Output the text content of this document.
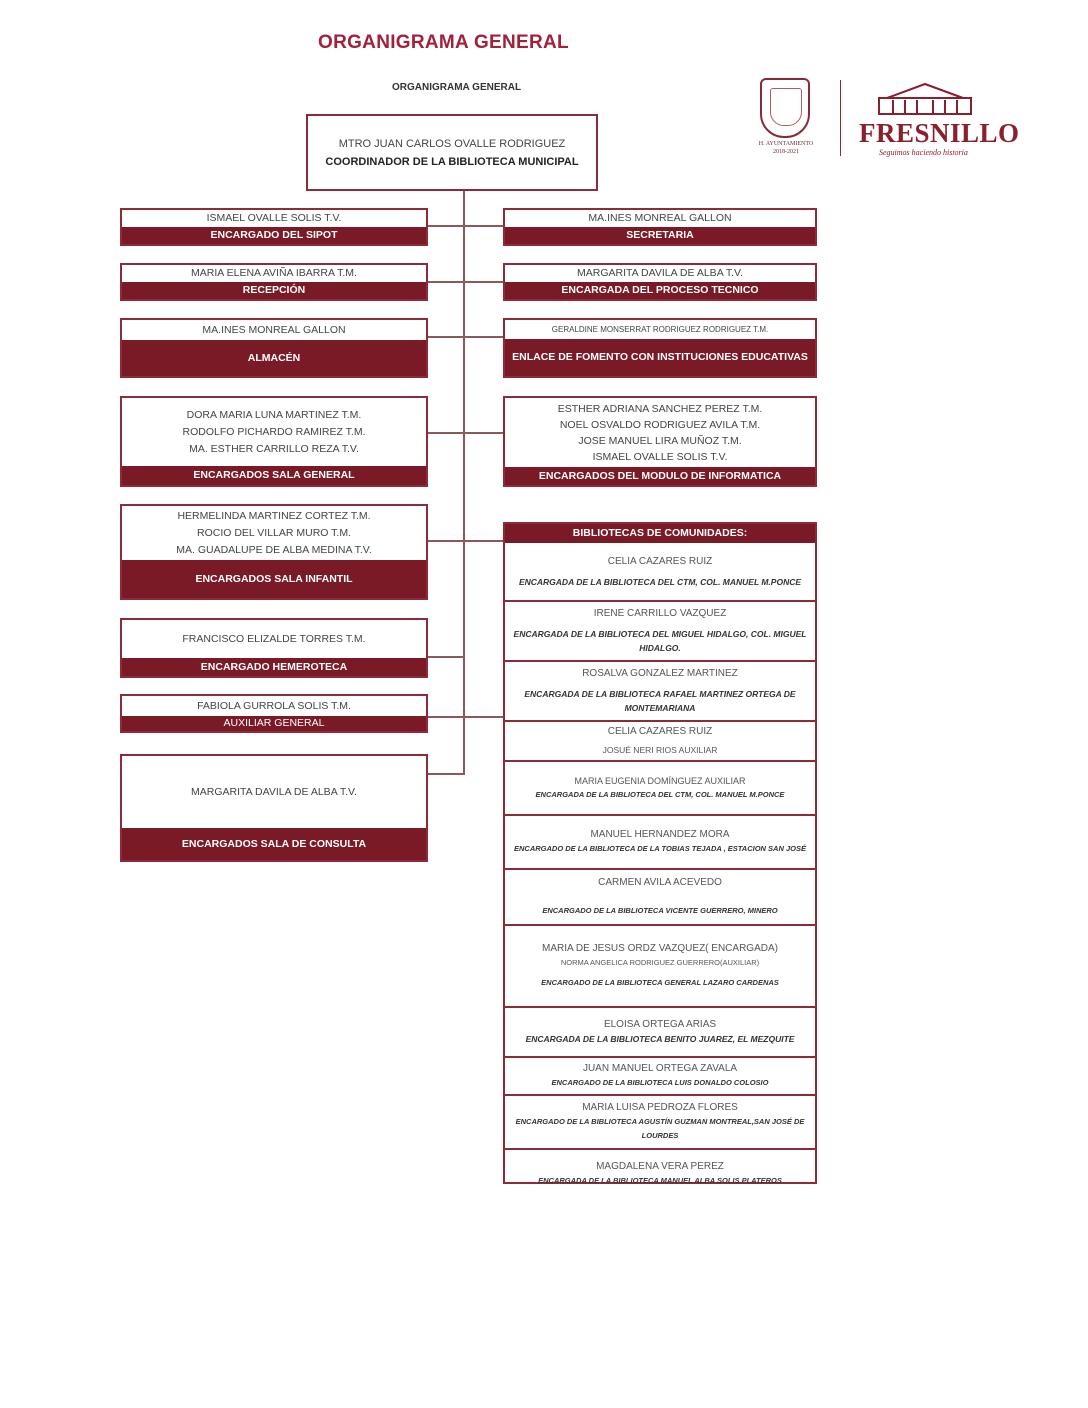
ORGANIGRAMA GENERAL
ORGANIGRAMA GENERAL
H. AYUNTAMIENTO
2018-2021
FRESNILLO
Seguimos haciendo historia
MTRO JUAN CARLOS OVALLE RODRIGUEZ
COORDINADOR DE LA BIBLIOTECA MUNICIPAL
ISMAEL OVALLE SOLIS T.V.
ENCARGADO DEL SIPOT
MARIA ELENA AVIÑA IBARRA T.M.
RECEPCIÓN
MA.INES MONREAL GALLON
ALMACÉN
DORA MARIA LUNA MARTINEZ T.M.
RODOLFO PICHARDO RAMIREZ T.M.
MA. ESTHER CARRILLO REZA T.V.
ENCARGADOS SALA GENERAL
HERMELINDA MARTINEZ CORTEZ T.M.
ROCIO DEL VILLAR MURO T.M.
MA. GUADALUPE DE ALBA MEDINA T.V.
ENCARGADOS SALA INFANTIL
FRANCISCO ELIZALDE TORRES T.M.
ENCARGADO HEMEROTECA
FABIOLA GURROLA SOLIS T.M.
AUXILIAR GENERAL
MARGARITA DAVILA DE ALBA T.V.
ENCARGADOS SALA DE CONSULTA
MA.INES MONREAL GALLON
SECRETARIA
MARGARITA DAVILA DE ALBA T.V.
ENCARGADA DEL PROCESO TECNICO
GERALDINE MONSERRAT RODRIGUEZ RODRIGUEZ T.M.
ENLACE DE FOMENTO CON INSTITUCIONES EDUCATIVAS
ESTHER ADRIANA SANCHEZ PEREZ T.M.
NOEL OSVALDO RODRIGUEZ AVILA T.M.
JOSE MANUEL LIRA MUÑOZ T.M.
ISMAEL OVALLE SOLIS T.V.
ENCARGADOS DEL MODULO DE INFORMATICA
BIBLIOTECAS DE COMUNIDADES:
CELIA CAZARES RUIZ
ENCARGADA DE LA BIBLIOTECA DEL CTM, COL. MANUEL M.PONCE
IRENE CARRILLO VAZQUEZ
ENCARGADA DE LA BIBLIOTECA DEL MIGUEL HIDALGO, COL. MIGUEL HIDALGO.
ROSALVA GONZALEZ MARTINEZ
ENCARGADA DE LA BIBLIOTECA RAFAEL MARTINEZ ORTEGA DE MONTEMARIANA
CELIA CAZARES RUIZ
JOSUÉ NERI RIOS AUXILIAR
MARIA EUGENIA DOMÍNGUEZ AUXILIAR
ENCARGADA DE LA BIBLIOTECA DEL CTM, COL. MANUEL M.PONCE
MANUEL HERNANDEZ MORA
ENCARGADO DE LA BIBLIOTECA DE LA TOBIAS TEJADA , ESTACION SAN JOSÉ
CARMEN AVILA ACEVEDO
ENCARGADO DE LA BIBLIOTECA VICENTE GUERRERO, MINERO
MARIA DE JESUS ORDZ VAZQUEZ( ENCARGADA)
NORMA ANGELICA RODRIGUEZ GUERRERO(AUXILIAR)
ENCARGADO DE LA BIBLIOTECA GENERAL LAZARO CARDENAS
ELOISA ORTEGA ARIAS
ENCARGADA DE LA BIBLIOTECA BENITO JUAREZ, EL MEZQUITE
JUAN MANUEL ORTEGA ZAVALA
ENCARGADO DE LA BIBLIOTECA LUIS DONALDO COLOSIO
MARIA LUISA PEDROZA FLORES
ENCARGADO DE LA BIBLIOTECA AGUSTÍN GUZMAN MONTREAL,SAN JOSÉ DE LOURDES
MAGDALENA VERA PEREZ
ENCARGADA DE LA BIBLIOTECA MANUEL ALBA SOLIS PLATEROS
